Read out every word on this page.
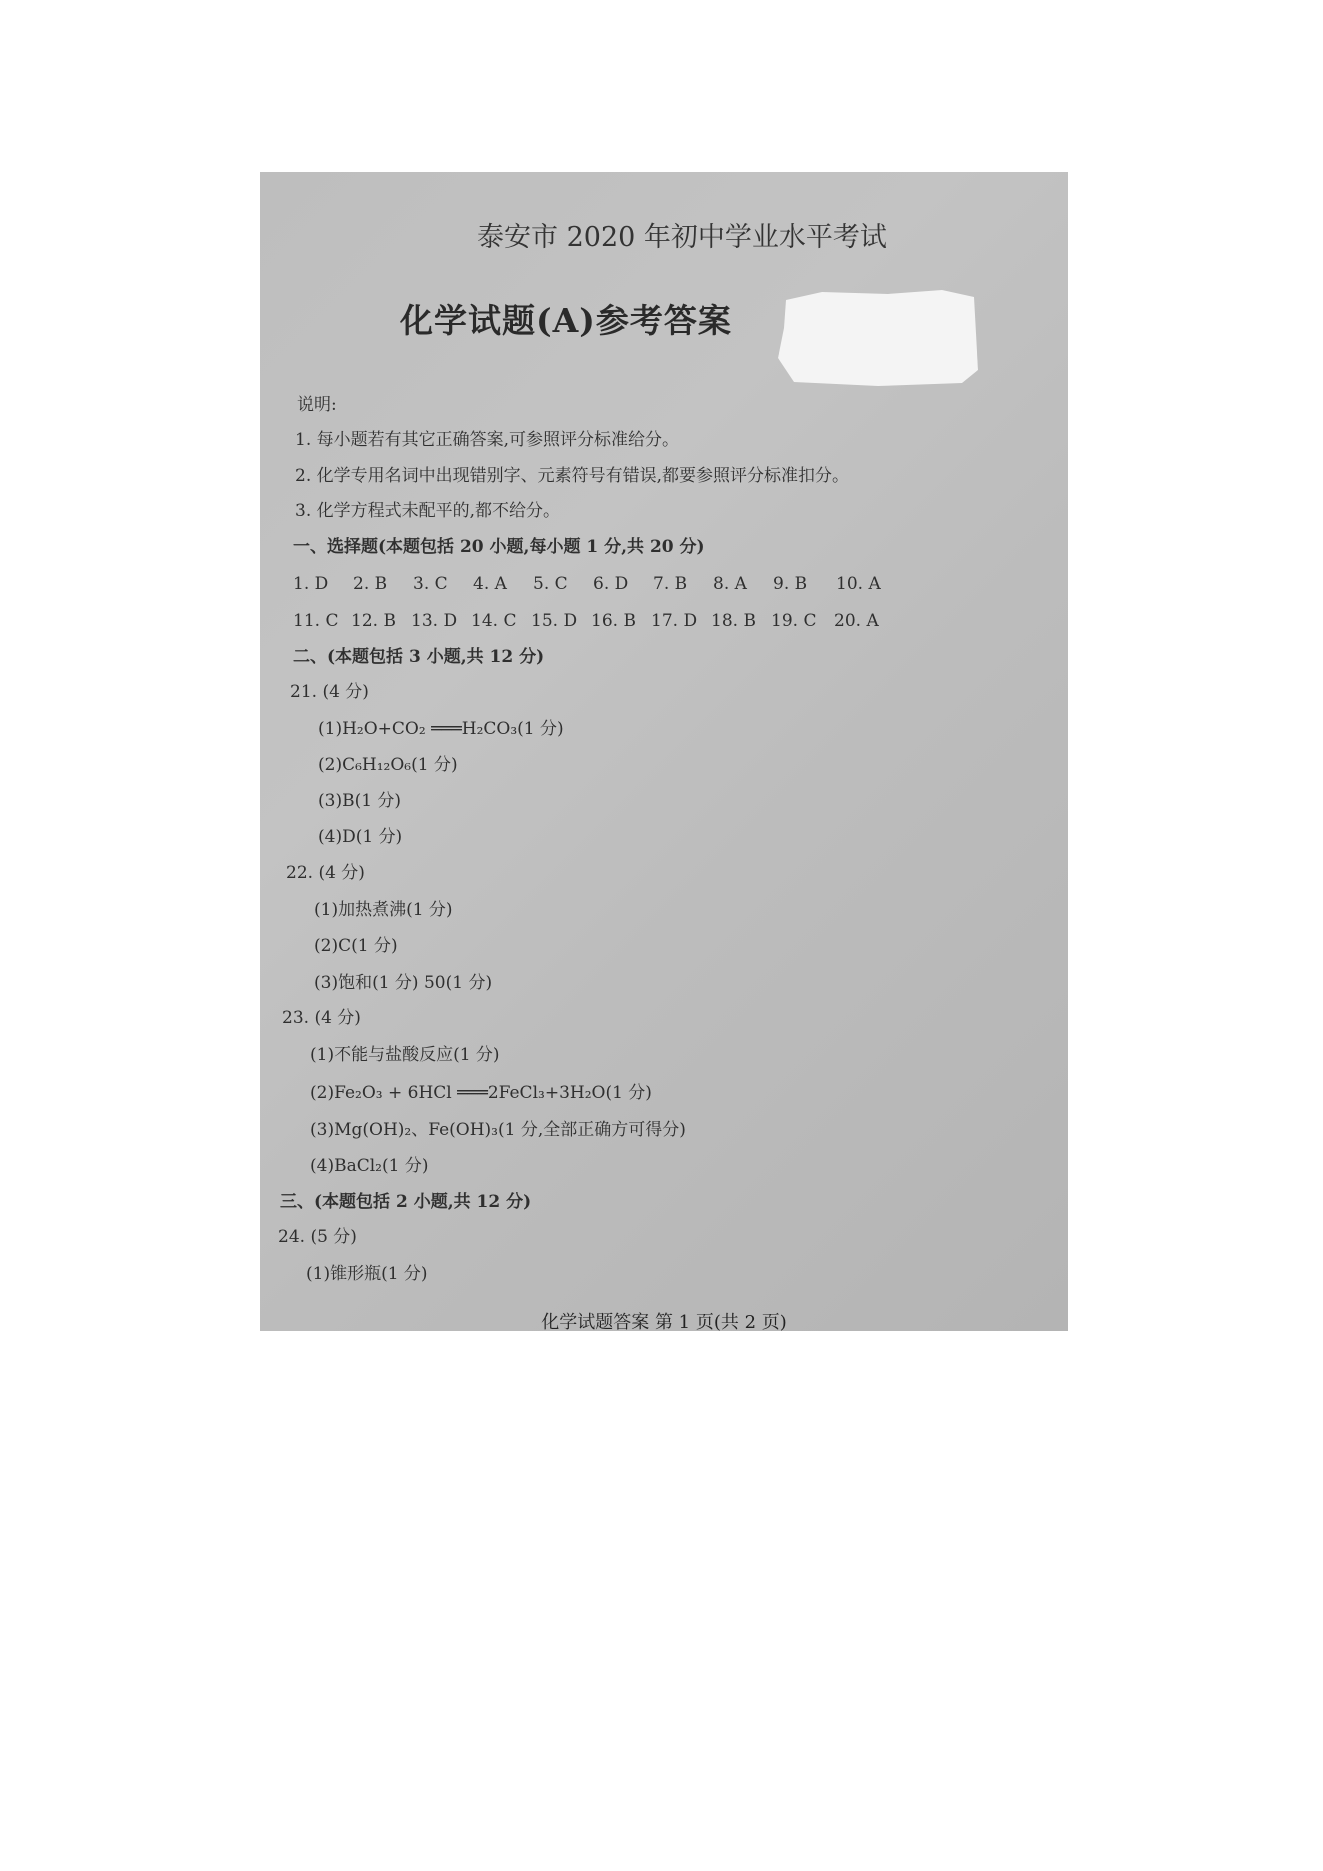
泰安市 2020 年初中学业水平考试
化学试题(A)参考答案
说明:
1. 每小题若有其它正确答案,可参照评分标准给分。
2. 化学专用名词中出现错别字、元素符号有错误,都要参照评分标准扣分。
3. 化学方程式未配平的,都不给分。
一、选择题(本题包括 20 小题,每小题 1 分,共 20 分)
1. D 2. B 3. C 4. A 5. C 6. D 7. B 8. A 9. B 10. A
11. C 12. B 13. D 14. C 15. D 16. B 17. D 18. B 19. C 20. A
二、(本题包括 3 小题,共 12 分)
21. (4 分)
(1)H₂O+CO₂ ═══H₂CO₃(1 分)
(2)C₆H₁₂O₆(1 分)
(3)B(1 分)
(4)D(1 分)
22. (4 分)
(1)加热煮沸(1 分)
(2)C(1 分)
(3)饱和(1 分) 50(1 分)
23. (4 分)
(1)不能与盐酸反应(1 分)
(2)Fe₂O₃ + 6HCl ═══2FeCl₃+3H₂O(1 分)
(3)Mg(OH)₂、Fe(OH)₃(1 分,全部正确方可得分)
(4)BaCl₂(1 分)
三、(本题包括 2 小题,共 12 分)
24. (5 分)
(1)锥形瓶(1 分)
化学试题答案 第 1 页(共 2 页)
